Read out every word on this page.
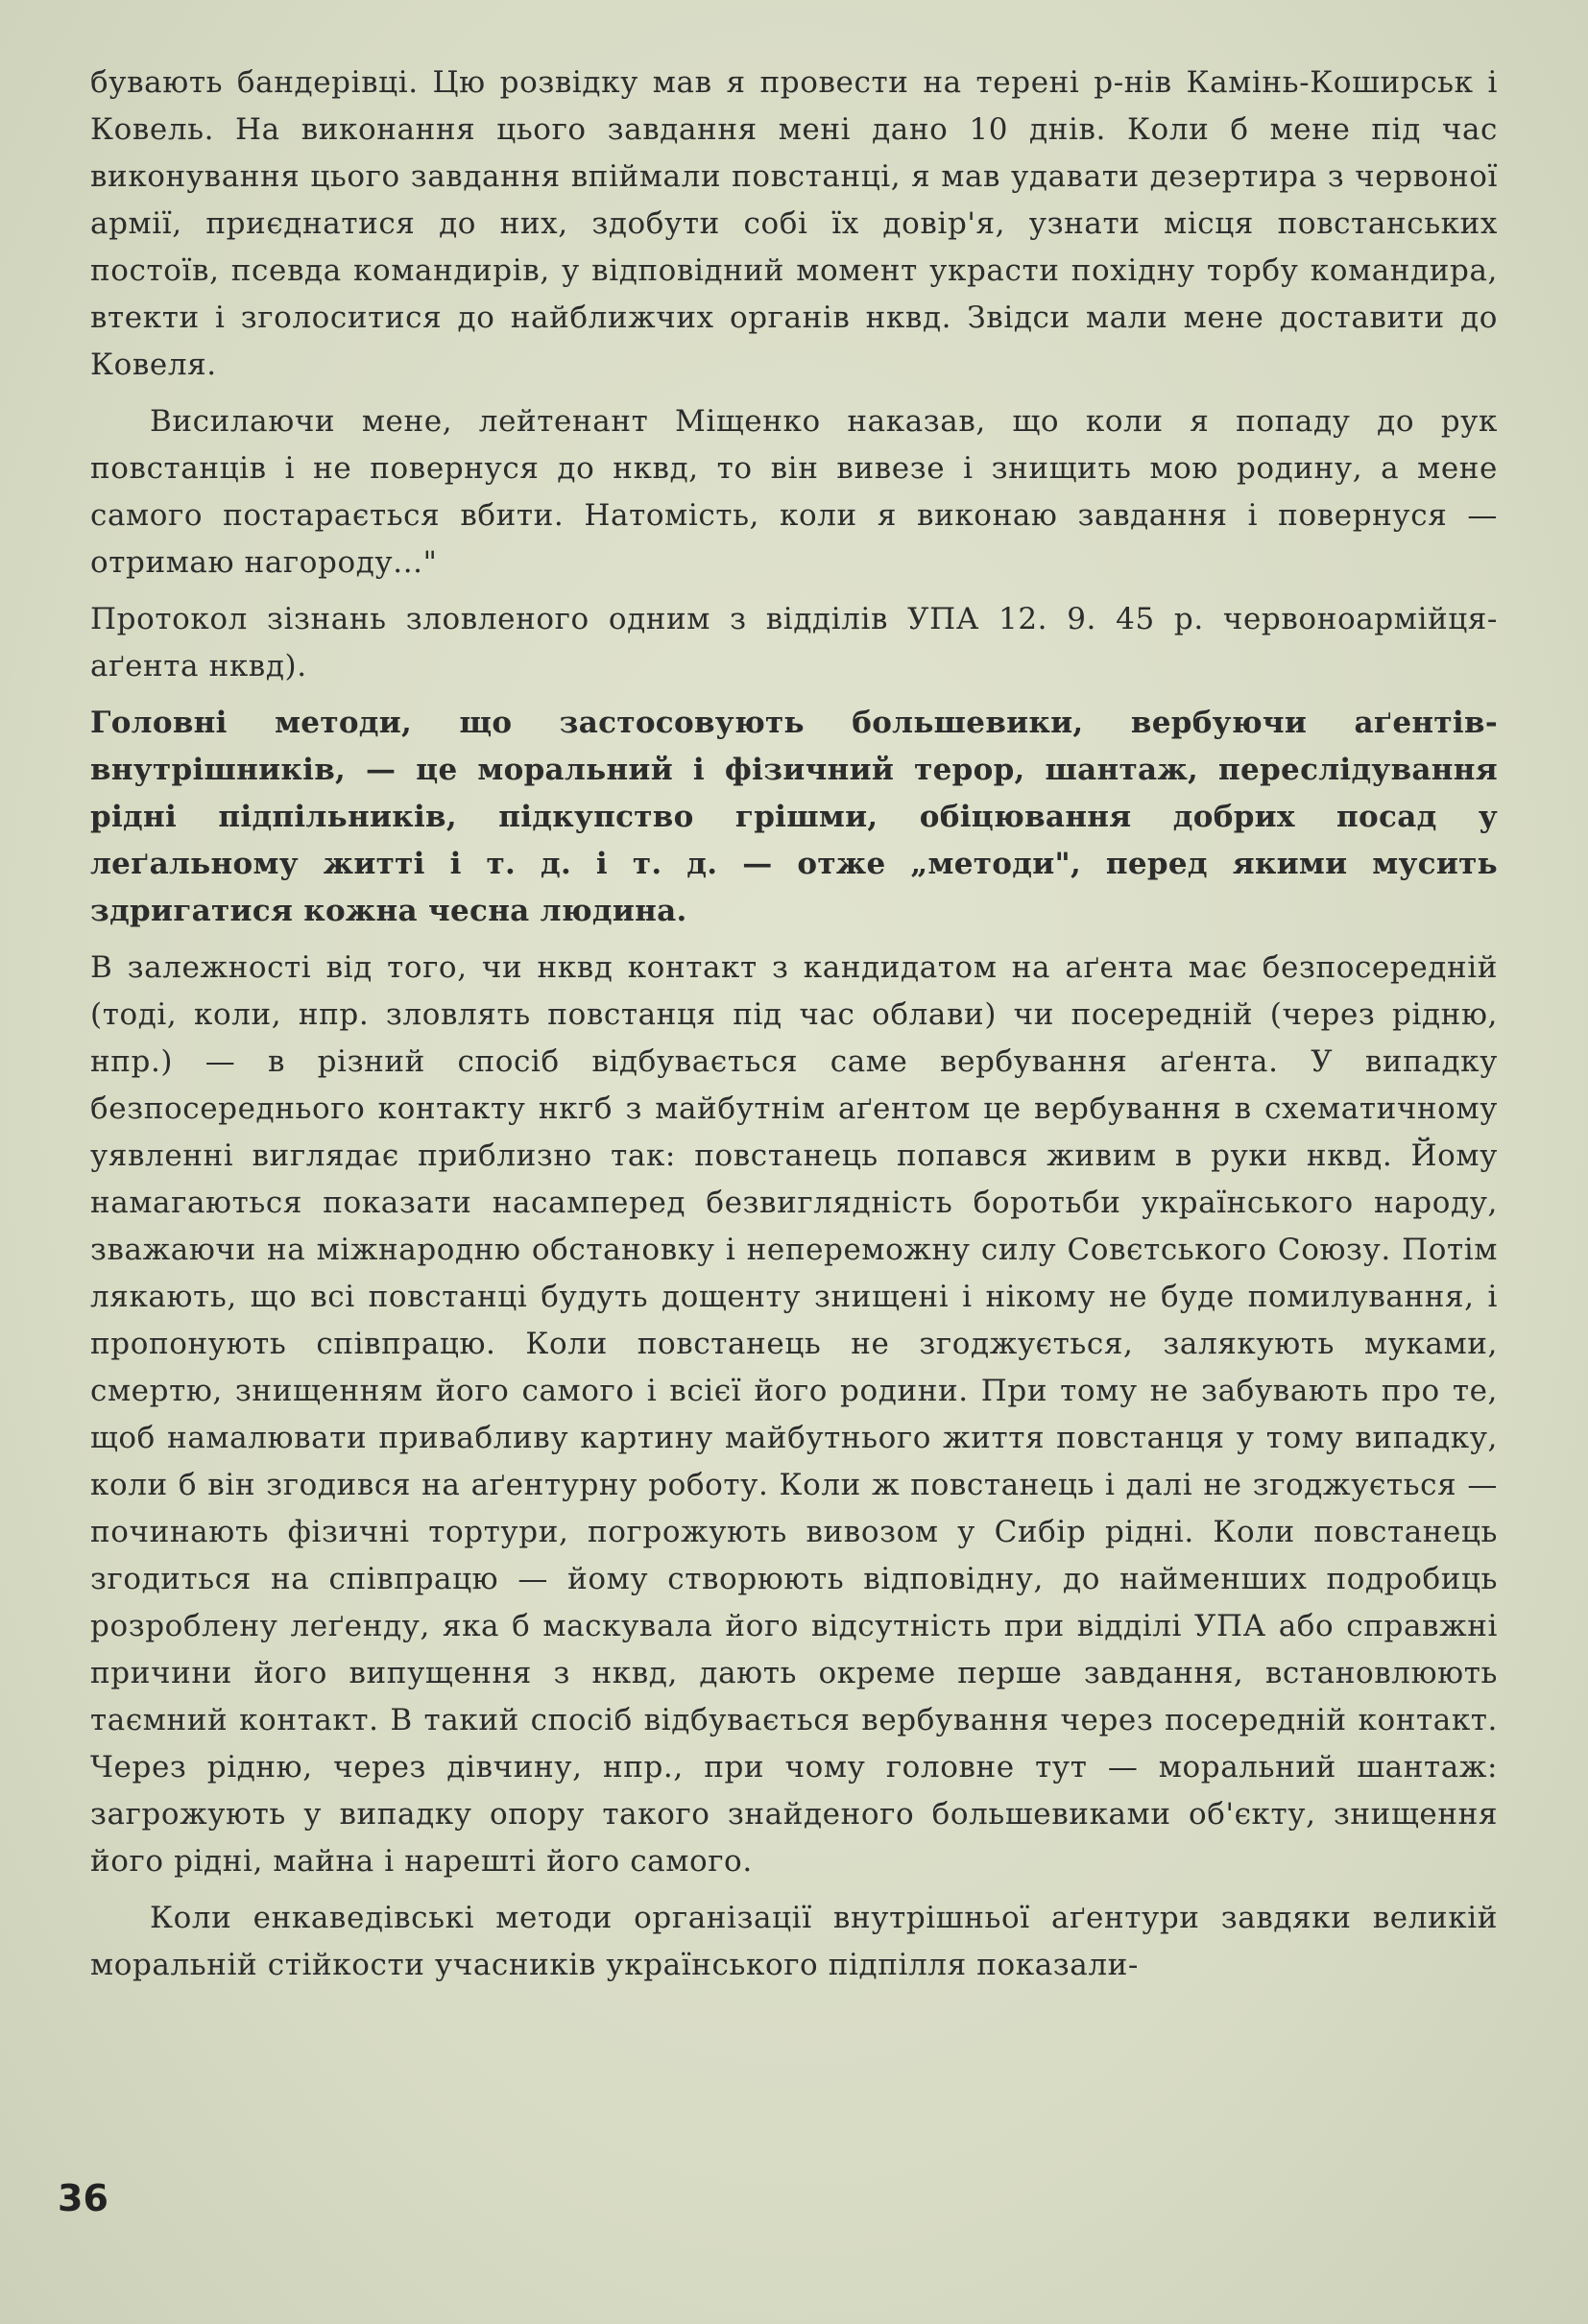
бувають бандерівці. Цю розвідку мав я провести на терені р-нів Камінь-Коширськ і Ковель. На виконання цього завдання мені дано 10 днів. Коли б мене під час виконування цього завдання впіймали повстанці, я мав удавати дезертира з червоної армії, приєднатися до них, здобути собі їх довір'я, узнати місця повстанських постоїв, псевда командирів, у відповідний момент украсти похідну торбу командира, втекти і зголоситися до найближчих органів нквд. Звідси мали мене доставити до Ковеля.

Висилаючи мене, лейтенант Міщенко наказав, що коли я попаду до рук повстанців і не повернуся до нквд, то він вивезе і знищить мою родину, а мене самого постарається вбити. Натомість, коли я виконаю завдання і повернуся — отримаю нагороду..."

Протокол зізнань зловленого одним з відділів УПА 12. 9. 45 р. червоноармійця-аґента нквд).

Головні методи, що застосовують большевики, вербуючи аґентів-внутрішників, — це моральний і фізичний терор, шантаж, переслідування рідні підпільників, підкупство грішми, обіцювання добрих посад у леґальному житті і т. д. і т. д. — отже „методи", перед якими мусить здригатися кожна чесна людина.

В залежності від того, чи нквд контакт з кандидатом на аґента має безпосередній (тоді, коли, нпр. зловлять повстанця під час облави) чи посередній (через рідню, нпр.) — в різний спосіб відбувається саме вербування аґента. У випадку безпосереднього контакту нкгб з майбутнім аґентом це вербування в схематичному уявленні виглядає приблизно так: повстанець попався живим в руки нквд. Йому намагаються показати насамперед безвиглядність боротьби українського народу, зважаючи на міжнародню обстановку і непереможну силу Совєтського Союзу. Потім лякають, що всі повстанці будуть дощенту знищені і нікому не буде помилування, і пропонують співпрацю. Коли повстанець не згоджується, залякують муками, смертю, знищенням його самого і всієї його родини. При тому не забувають про те, щоб намалювати привабливу картину майбутнього життя повстанця у тому випадку, коли б він згодився на аґентурну роботу. Коли ж повстанець і далі не згоджується — починають фізичні тортури, погрожують вивозом у Сибір рідні. Коли повстанець згодиться на співпрацю — йому створюють відповідну, до найменших подробиць розроблену леґенду, яка б маскувала його відсутність при відділі УПА або справжні причини його випущення з нквд, дають окреме перше завдання, встановлюють таємний контакт. В такий спосіб відбувається вербування через посередній контакт. Через рідню, через дівчину, нпр., при чому головне тут — моральний шантаж: загрожують у випадку опору такого знайденого большевиками об'єкту, знищення його рідні, майна і нарешті його самого.

Коли енкаведівські методи організації внутрішньої аґентури завдяки великій моральній стійкости учасників українського підпілля показали-

36
